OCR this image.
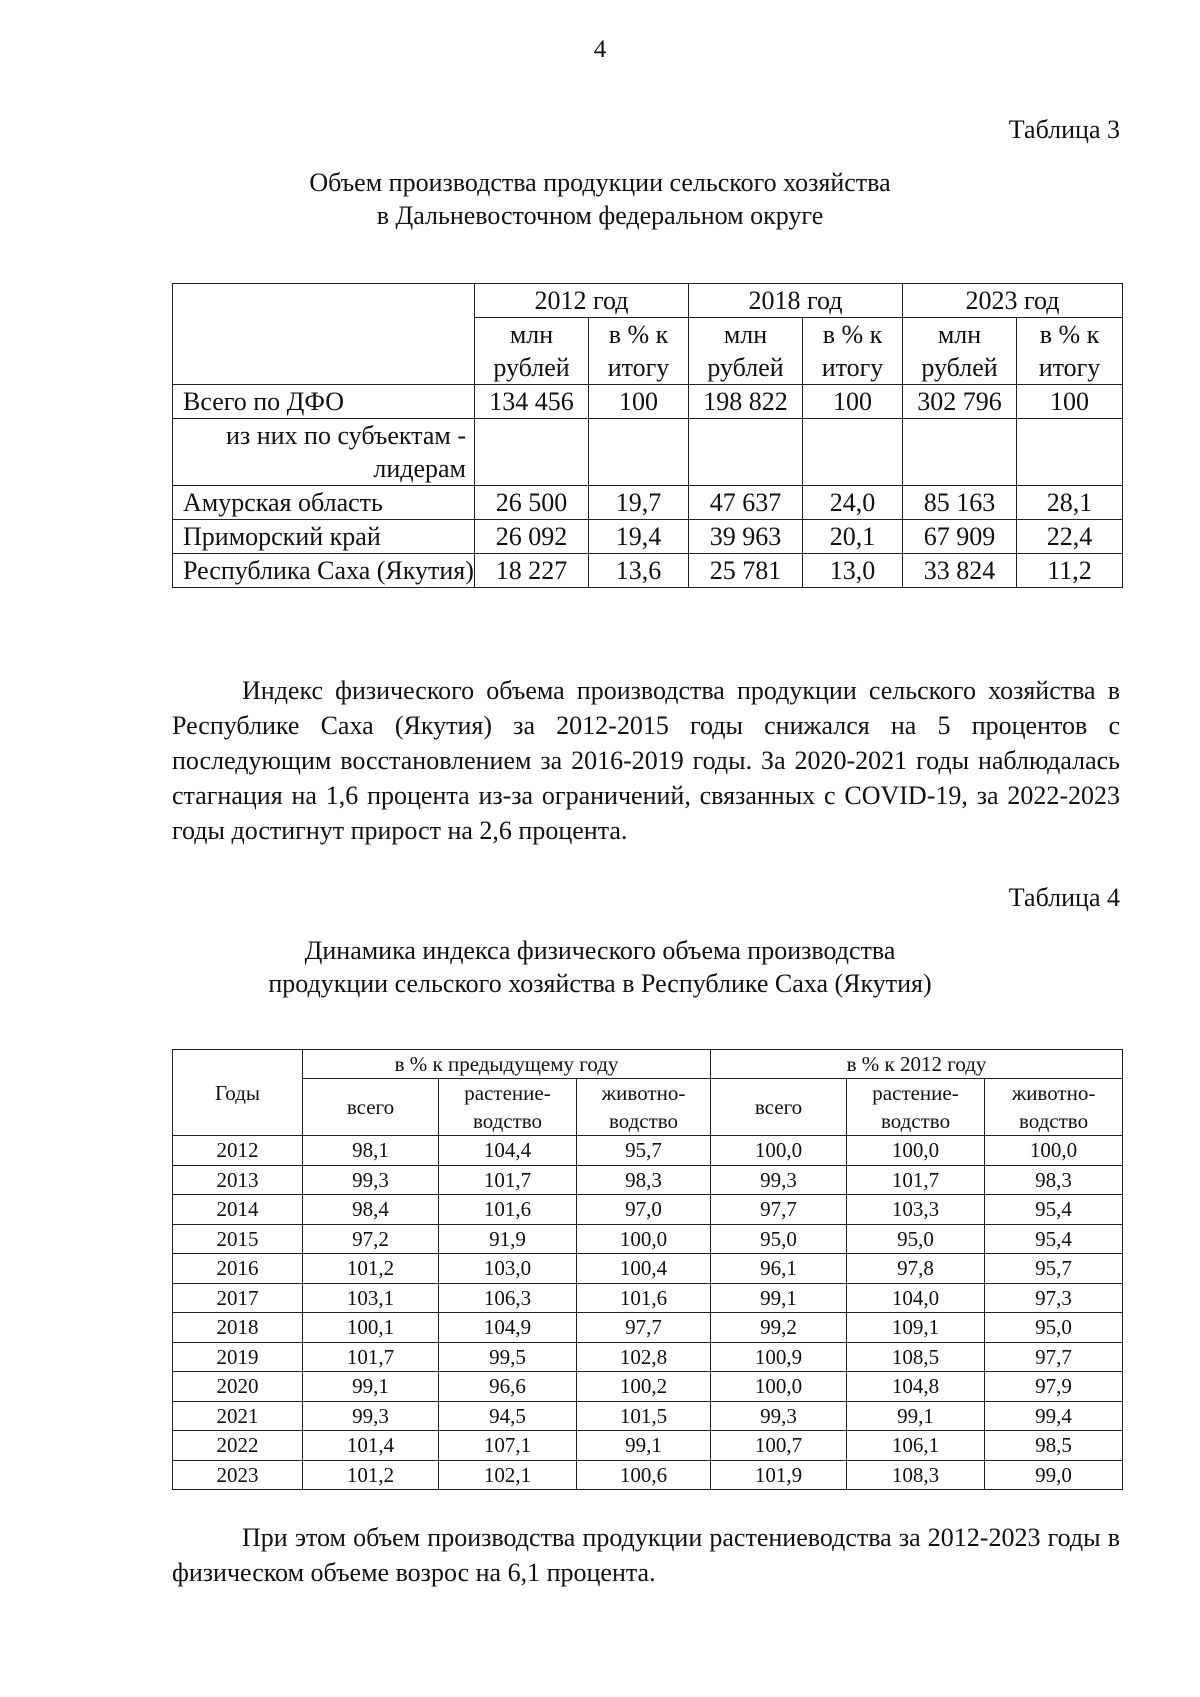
4
Таблица 3
Объем производства продукции сельского хозяйства
в Дальневосточном федеральном округе
	2012 год		2018 год		2023 год	
	млн рублей	в % к итогу	млн рублей	в % к итогу	млн рублей	в % к итогу
Всего по ДФО	134 456	100	198 822	100	302 796	100
из них по субъектам - лидерам						
Амурская область	26 500	19,7	47 637	24,0	85 163	28,1
Приморский край	26 092	19,4	39 963	20,1	67 909	22,4
Республика Саха (Якутия)	18 227	13,6	25 781	13,0	33 824	11,2

Индекс физического объема производства продукции сельского хозяйства в Республике Саха (Якутия) за 2012-2015 годы снижался на 5 процентов с последующим восстановлением за 2016-2019 годы. За 2020-2021 годы наблюдалась стагнация на 1,6 процента из-за ограничений, связанных с COVID-19, за 2022-2023 годы достигнут прирост на 2,6 процента.

Таблица 4
Динамика индекса физического объема производства
продукции сельского хозяйства в Республике Саха (Якутия)
Годы	в % к предыдущему году			в % к 2012 году		
	всего	растение-водство	животно-водство	всего	растение-водство	животно-водство
2012	98,1	104,4	95,7	100,0	100,0	100,0
2013	99,3	101,7	98,3	99,3	101,7	98,3
2014	98,4	101,6	97,0	97,7	103,3	95,4
2015	97,2	91,9	100,0	95,0	95,0	95,4
2016	101,2	103,0	100,4	96,1	97,8	95,7
2017	103,1	106,3	101,6	99,1	104,0	97,3
2018	100,1	104,9	97,7	99,2	109,1	95,0
2019	101,7	99,5	102,8	100,9	108,5	97,7
2020	99,1	96,6	100,2	100,0	104,8	97,9
2021	99,3	94,5	101,5	99,3	99,1	99,4
2022	101,4	107,1	99,1	100,7	106,1	98,5
2023	101,2	102,1	100,6	101,9	108,3	99,0

При этом объем производства продукции растениеводства за 2012-2023 годы в физическом объеме возрос на 6,1 процента.
